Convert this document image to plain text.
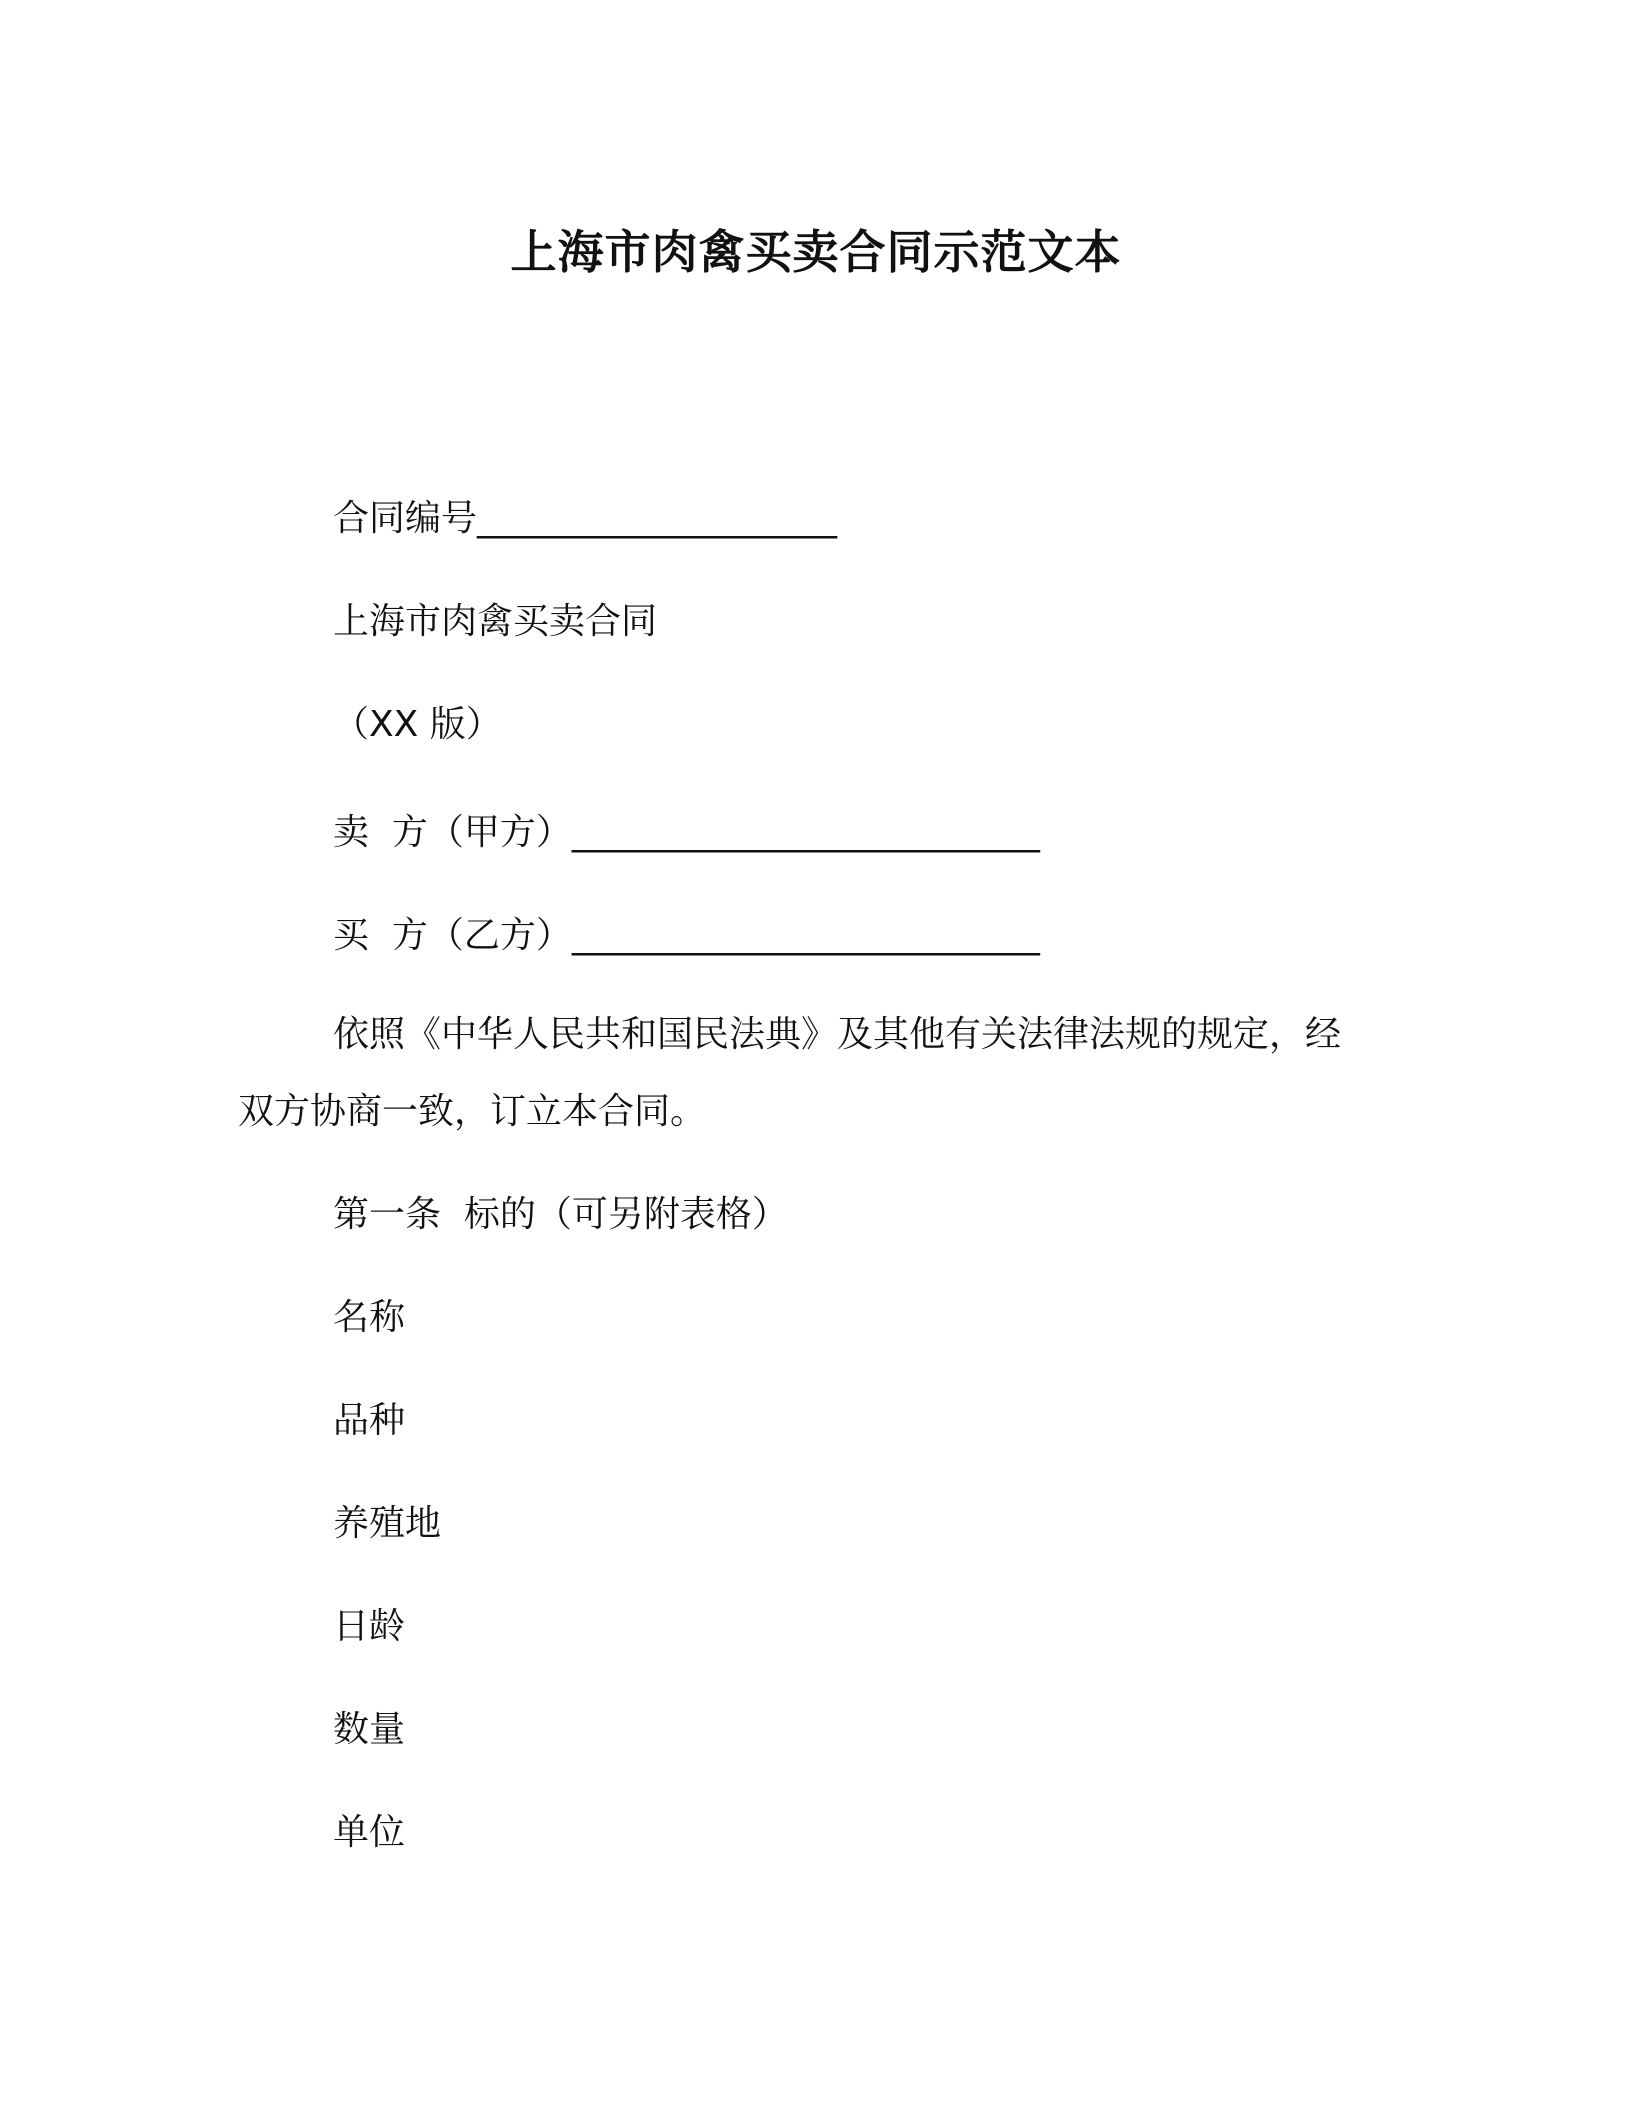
上海市肉禽买卖合同示范文本
合同编号____________________
上海市肉禽买卖合同
（XX 版）
卖  方（甲方）__________________________
买  方（乙方）__________________________
依照《中华人民共和国民法典》及其他有关法律法规的规定，经
双方协商一致，订立本合同。
第一条  标的（可另附表格）
名称
品种
养殖地
日龄
数量
单位
